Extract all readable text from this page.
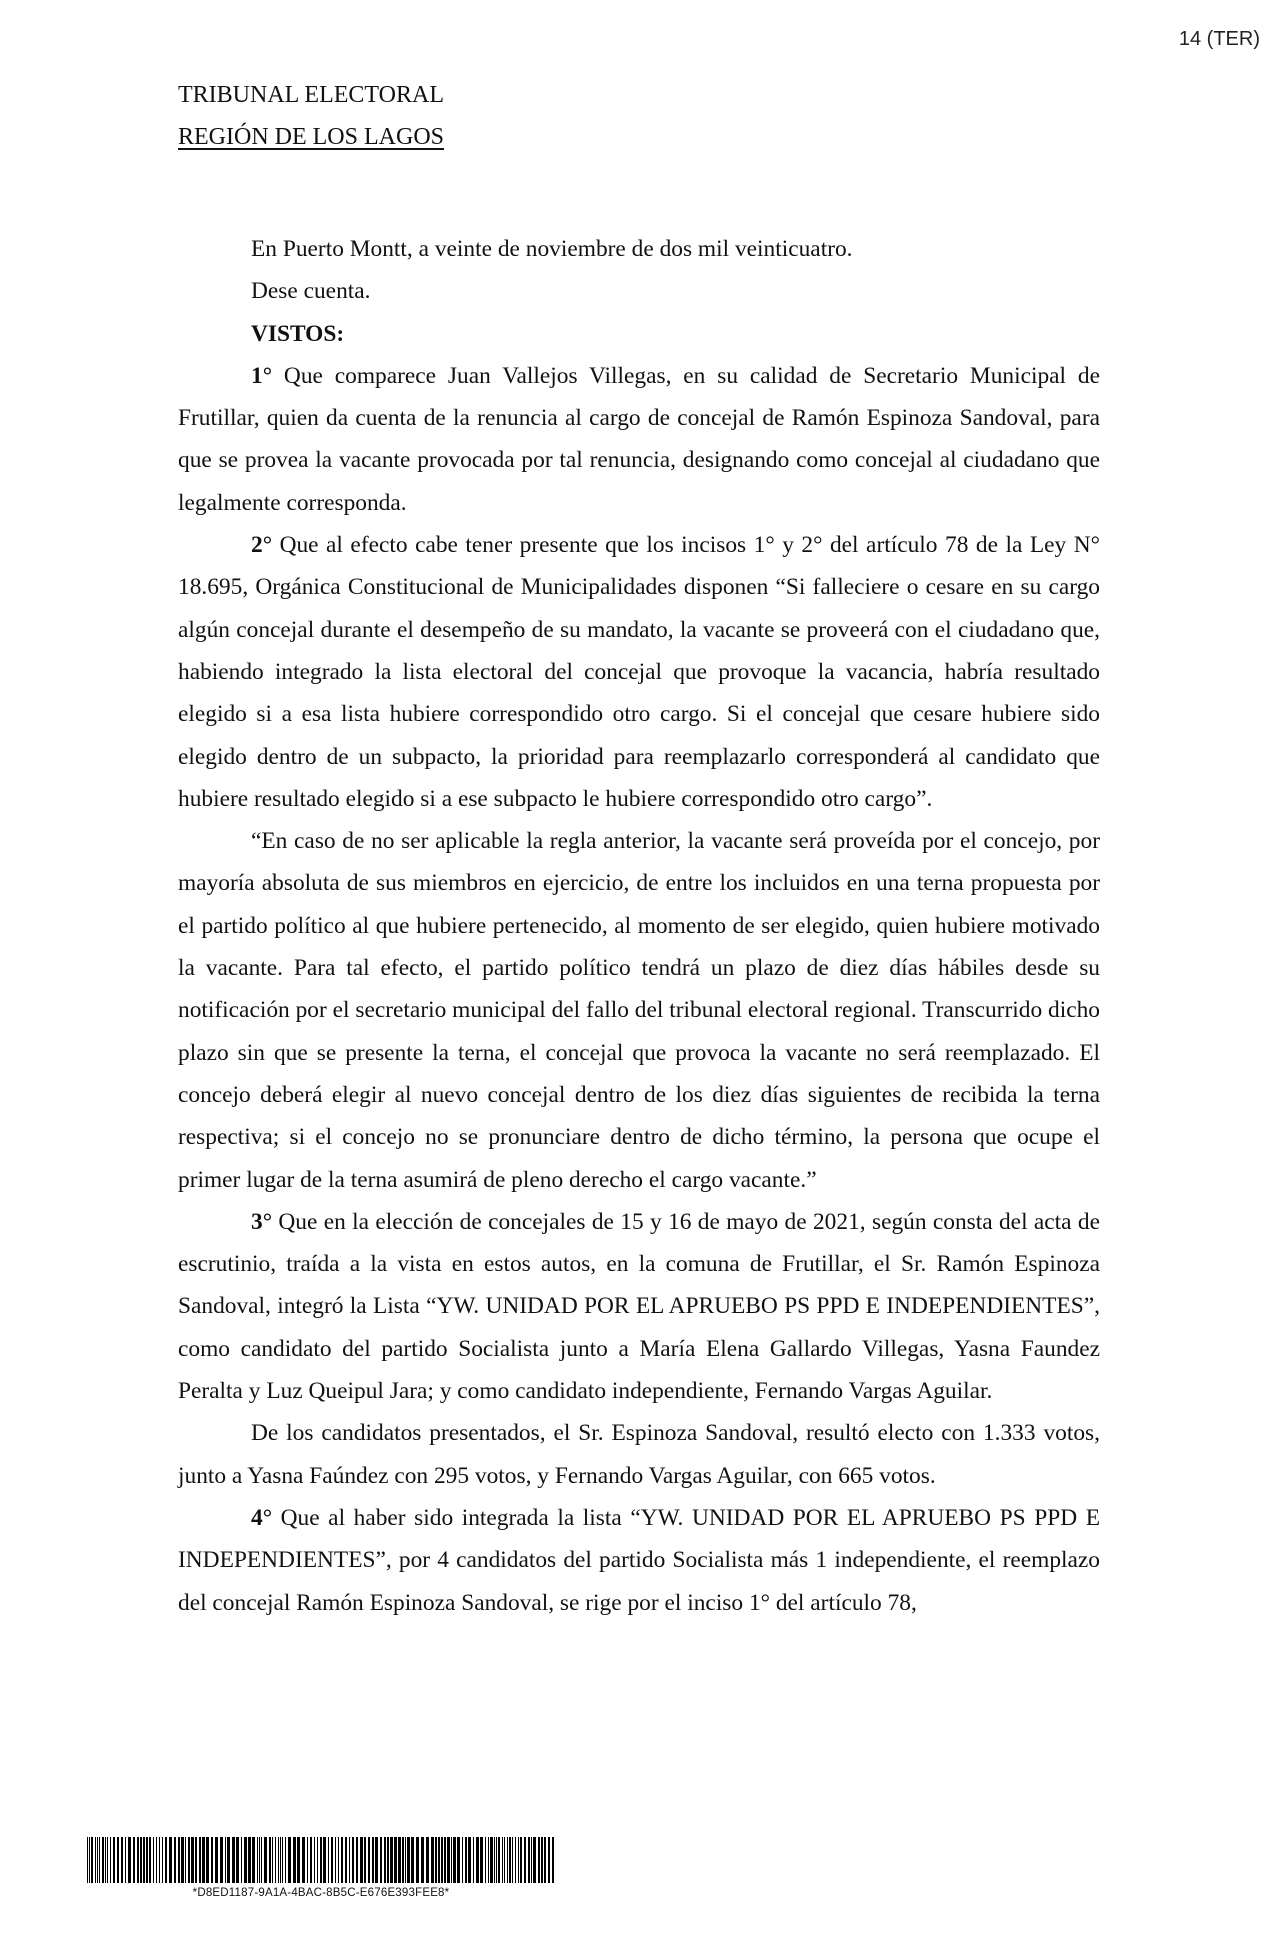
14 (TER)
TRIBUNAL ELECTORAL
REGIÓN DE LOS LAGOS

En Puerto Montt, a veinte de noviembre de dos mil veinticuatro.

Dese cuenta.

VISTOS:

1° Que comparece Juan Vallejos Villegas, en su calidad de Secretario Municipal de Frutillar, quien da cuenta de la renuncia al cargo de concejal de Ramón Espinoza Sandoval, para que se provea la vacante provocada por tal renuncia, designando como concejal al ciudadano que legalmente corresponda.

2° Que al efecto cabe tener presente que los incisos 1° y 2° del artículo 78 de la Ley N° 18.695, Orgánica Constitucional de Municipalidades disponen “Si falleciere o cesare en su cargo algún concejal durante el desempeño de su mandato, la vacante se proveerá con el ciudadano que, habiendo integrado la lista electoral del concejal que provoque la vacancia, habría resultado elegido si a esa lista hubiere correspondido otro cargo. Si el concejal que cesare hubiere sido elegido dentro de un subpacto, la prioridad para reemplazarlo corresponderá al candidato que hubiere resultado elegido si a ese subpacto le hubiere correspondido otro cargo”.

“En caso de no ser aplicable la regla anterior, la vacante será proveída por el concejo, por mayoría absoluta de sus miembros en ejercicio, de entre los incluidos en una terna propuesta por el partido político al que hubiere pertenecido, al momento de ser elegido, quien hubiere motivado la vacante. Para tal efecto, el partido político tendrá un plazo de diez días hábiles desde su notificación por el secretario municipal del fallo del tribunal electoral regional. Transcurrido dicho plazo sin que se presente la terna, el concejal que provoca la vacante no será reemplazado. El concejo deberá elegir al nuevo concejal dentro de los diez días siguientes de recibida la terna respectiva; si el concejo no se pronunciare dentro de dicho término, la persona que ocupe el primer lugar de la terna asumirá de pleno derecho el cargo vacante.”

3° Que en la elección de concejales de 15 y 16 de mayo de 2021, según consta del acta de escrutinio, traída a la vista en estos autos, en la comuna de Frutillar, el Sr. Ramón Espinoza Sandoval, integró la Lista “YW. UNIDAD POR EL APRUEBO PS PPD E INDEPENDIENTES”, como candidato del partido Socialista junto a María Elena Gallardo Villegas, Yasna Faundez Peralta y Luz Queipul Jara; y como candidato independiente, Fernando Vargas Aguilar.

De los candidatos presentados, el Sr. Espinoza Sandoval, resultó electo con 1.333 votos, junto a Yasna Faúndez con 295 votos, y Fernando Vargas Aguilar, con 665 votos.

4° Que al haber sido integrada la lista “YW. UNIDAD POR EL APRUEBO PS PPD E INDEPENDIENTES”, por 4 candidatos del partido Socialista más 1 independiente, el reemplazo del concejal Ramón Espinoza Sandoval, se rige por el inciso 1° del artículo 78,

*D8ED1187-9A1A-4BAC-8B5C-E676E393FEE8*
